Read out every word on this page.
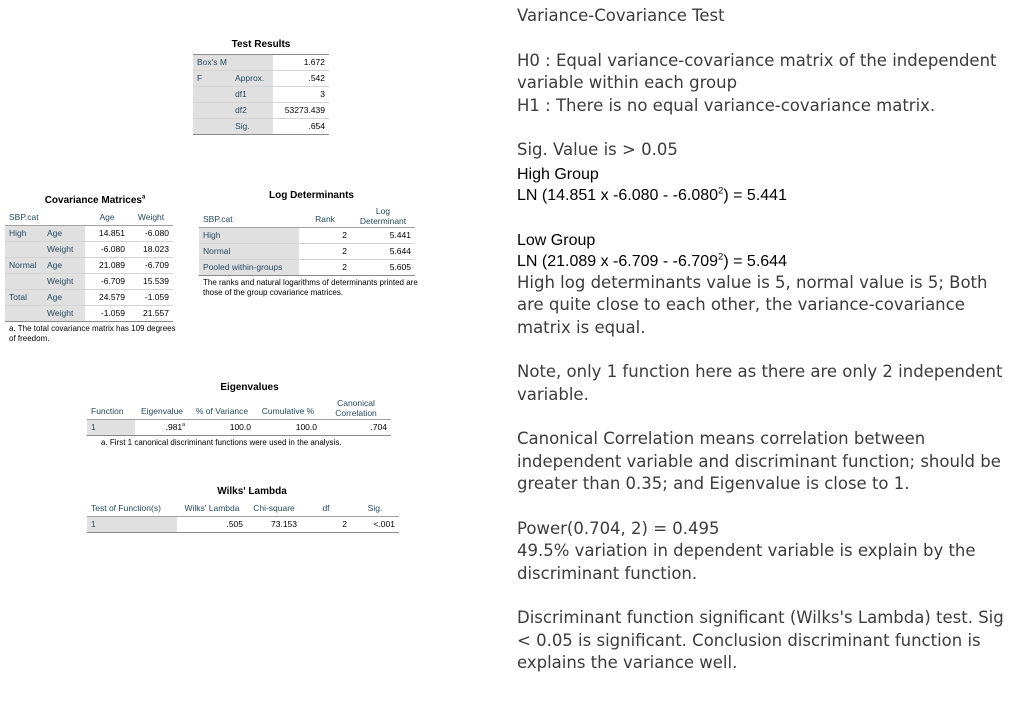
Test Results
Box's M		1.672
F	Approx.	.542
	df1	3
	df2	53273.439
	Sig.	.654
Covariance Matrices$^a$
SBP.cat		Age	Weight
High	Age	14.851	-6.080
	Weight	-6.080	18.023
Normal	Age	21.089	-6.709
	Weight	-6.709	15.539
Total	Age	24.579	-1.059
	Weight	-1.059	21.557
a. The total covariance matrix has 109 degrees of freedom.
Log Determinants
SBP.cat	Rank	Log Determinant
High	2	5.441
Normal	2	5.644
Pooled within-groups	2	5.605
The ranks and natural logarithms of determinants printed are those of the group covariance matrices.
Eigenvalues
Function	Eigenvalue	% of Variance	Cumulative %	Canonical Correlation
1	.981$^a$	100.0	100.0	.704
a. First 1 canonical discriminant functions were used in the analysis.
Wilks' Lambda
Test of Function(s)	Wilks' Lambda	Chi-square	df	Sig.
1	.505	73.153	2	<.001

Variance-Covariance Test

H0 : Equal variance-covariance matrix of the independent variable within each group

H1 : There is no equal variance-covariance matrix.

Sig. Value is > 0.05

High Group

LN (14.851 x $-6.080 - -6.080^2) = 5.441$

Low Group

LN (21.089 x $-6.709 - -6.709^2) = 5.644$

High log determinants value is 5, normal value is 5; Both are quite close to each other, the variance-covariance matrix is equal.

Note, only 1 function here as there are only 2 independent variable.

Canonical Correlation means correlation between independent variable and discriminant function; should be greater than 0.35; and Eigenvalue is close to 1.

Power(0.704, 2) = 0.495

49.5% variation in dependent variable is explain by the discriminant function.

Discriminant function significant (Wilks's Lambda) test. Sig < 0.05 is significant. Conclusion discriminant function is explains the variance well.
